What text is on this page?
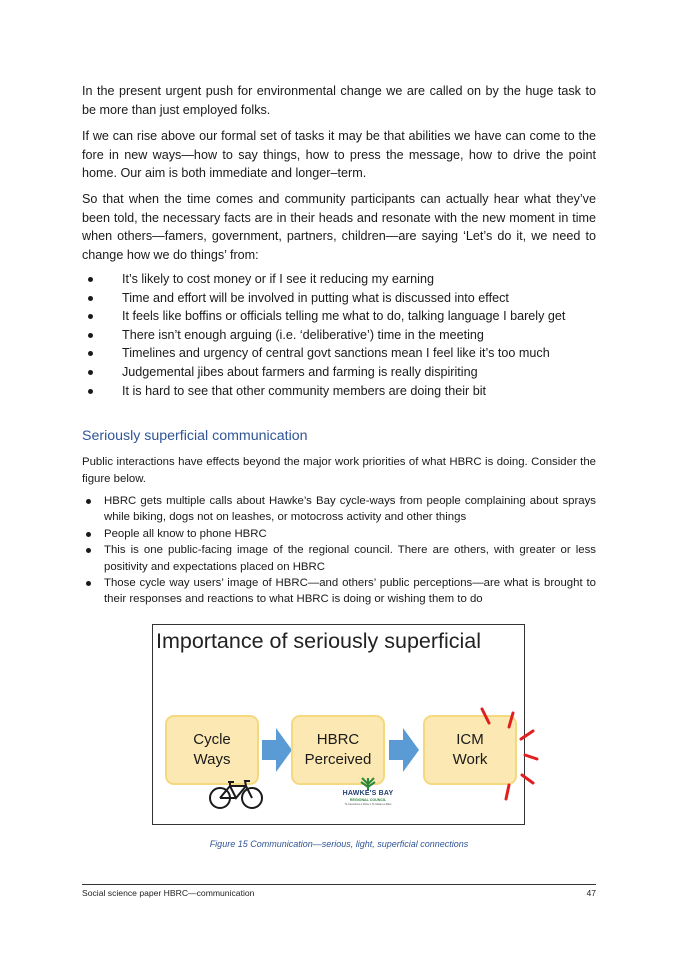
In the present urgent push for environmental change we are called on by the huge task to be more than just employed folks.

If we can rise above our formal set of tasks it may be that abilities we have can come to the fore in new ways—how to say things, how to press the message, how to drive the point home. Our aim is both immediate and longer–term.

So that when the time comes and community participants can actually hear what they’ve been told, the necessary facts are in their heads and resonate with the new moment in time when others—famers, government, partners, children—are saying ‘Let’s do it, we need to change how we do things’ from:

It’s likely to cost money or if I see it reducing my earning
Time and effort will be involved in putting what is discussed into effect
It feels like boffins or officials telling me what to do, talking language I barely get
There isn’t enough arguing (i.e. ‘deliberative’) time in the meeting
Timelines and urgency of central govt sanctions mean I feel like it’s too much
Judgemental jibes about farmers and farming is really dispiriting
It is hard to see that other community members are doing their bit
Seriously superficial communication

Public interactions have effects beyond the major work priorities of what HBRC is doing. Consider the figure below.

HBRC gets multiple calls about Hawke’s Bay cycle-ways from people complaining about sprays while biking, dogs not on leashes, or motocross activity and other things
People all know to phone HBRC
This is one public-facing image of the regional council. There are others, with greater or less positivity and expectations placed on HBRC
Those cycle way users’ image of HBRC—and others’ public perceptions—are what is brought to their responses and reactions to what HBRC is doing or wishing them to do
Importance of seriously superficial
Cycle
Ways
HBRC
Perceived
ICM
Work
HAWKE'S BAY
REGIONAL COUNCIL
Te Kaunihera ā Rohe o Te Matau-a-Māui
Figure 15 Communication—serious, light, superficial connections
Social science paper HBRC—communication	47
